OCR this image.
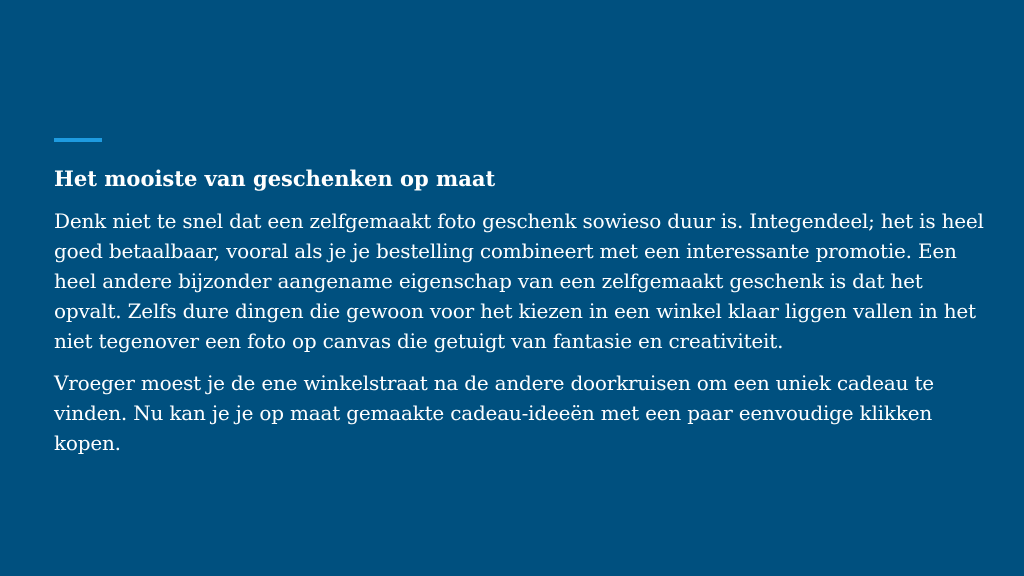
Het mooiste van geschenken op maat

Denk niet te snel dat een zelfgemaakt foto geschenk sowieso duur is. Integendeel; het is heel goed betaalbaar, vooral als je je bestelling combineert met een interessante promotie. Een heel andere bijzonder aangename eigenschap van een zelfgemaakt geschenk is dat het opvalt. Zelfs dure dingen die gewoon voor het kiezen in een winkel klaar liggen vallen in het niet tegenover een foto op canvas die getuigt van fantasie en creativiteit.

Vroeger moest je de ene winkelstraat na de andere doorkruisen om een uniek cadeau te vinden. Nu kan je je op maat gemaakte cadeau-ideeën met een paar eenvoudige klikken kopen.
